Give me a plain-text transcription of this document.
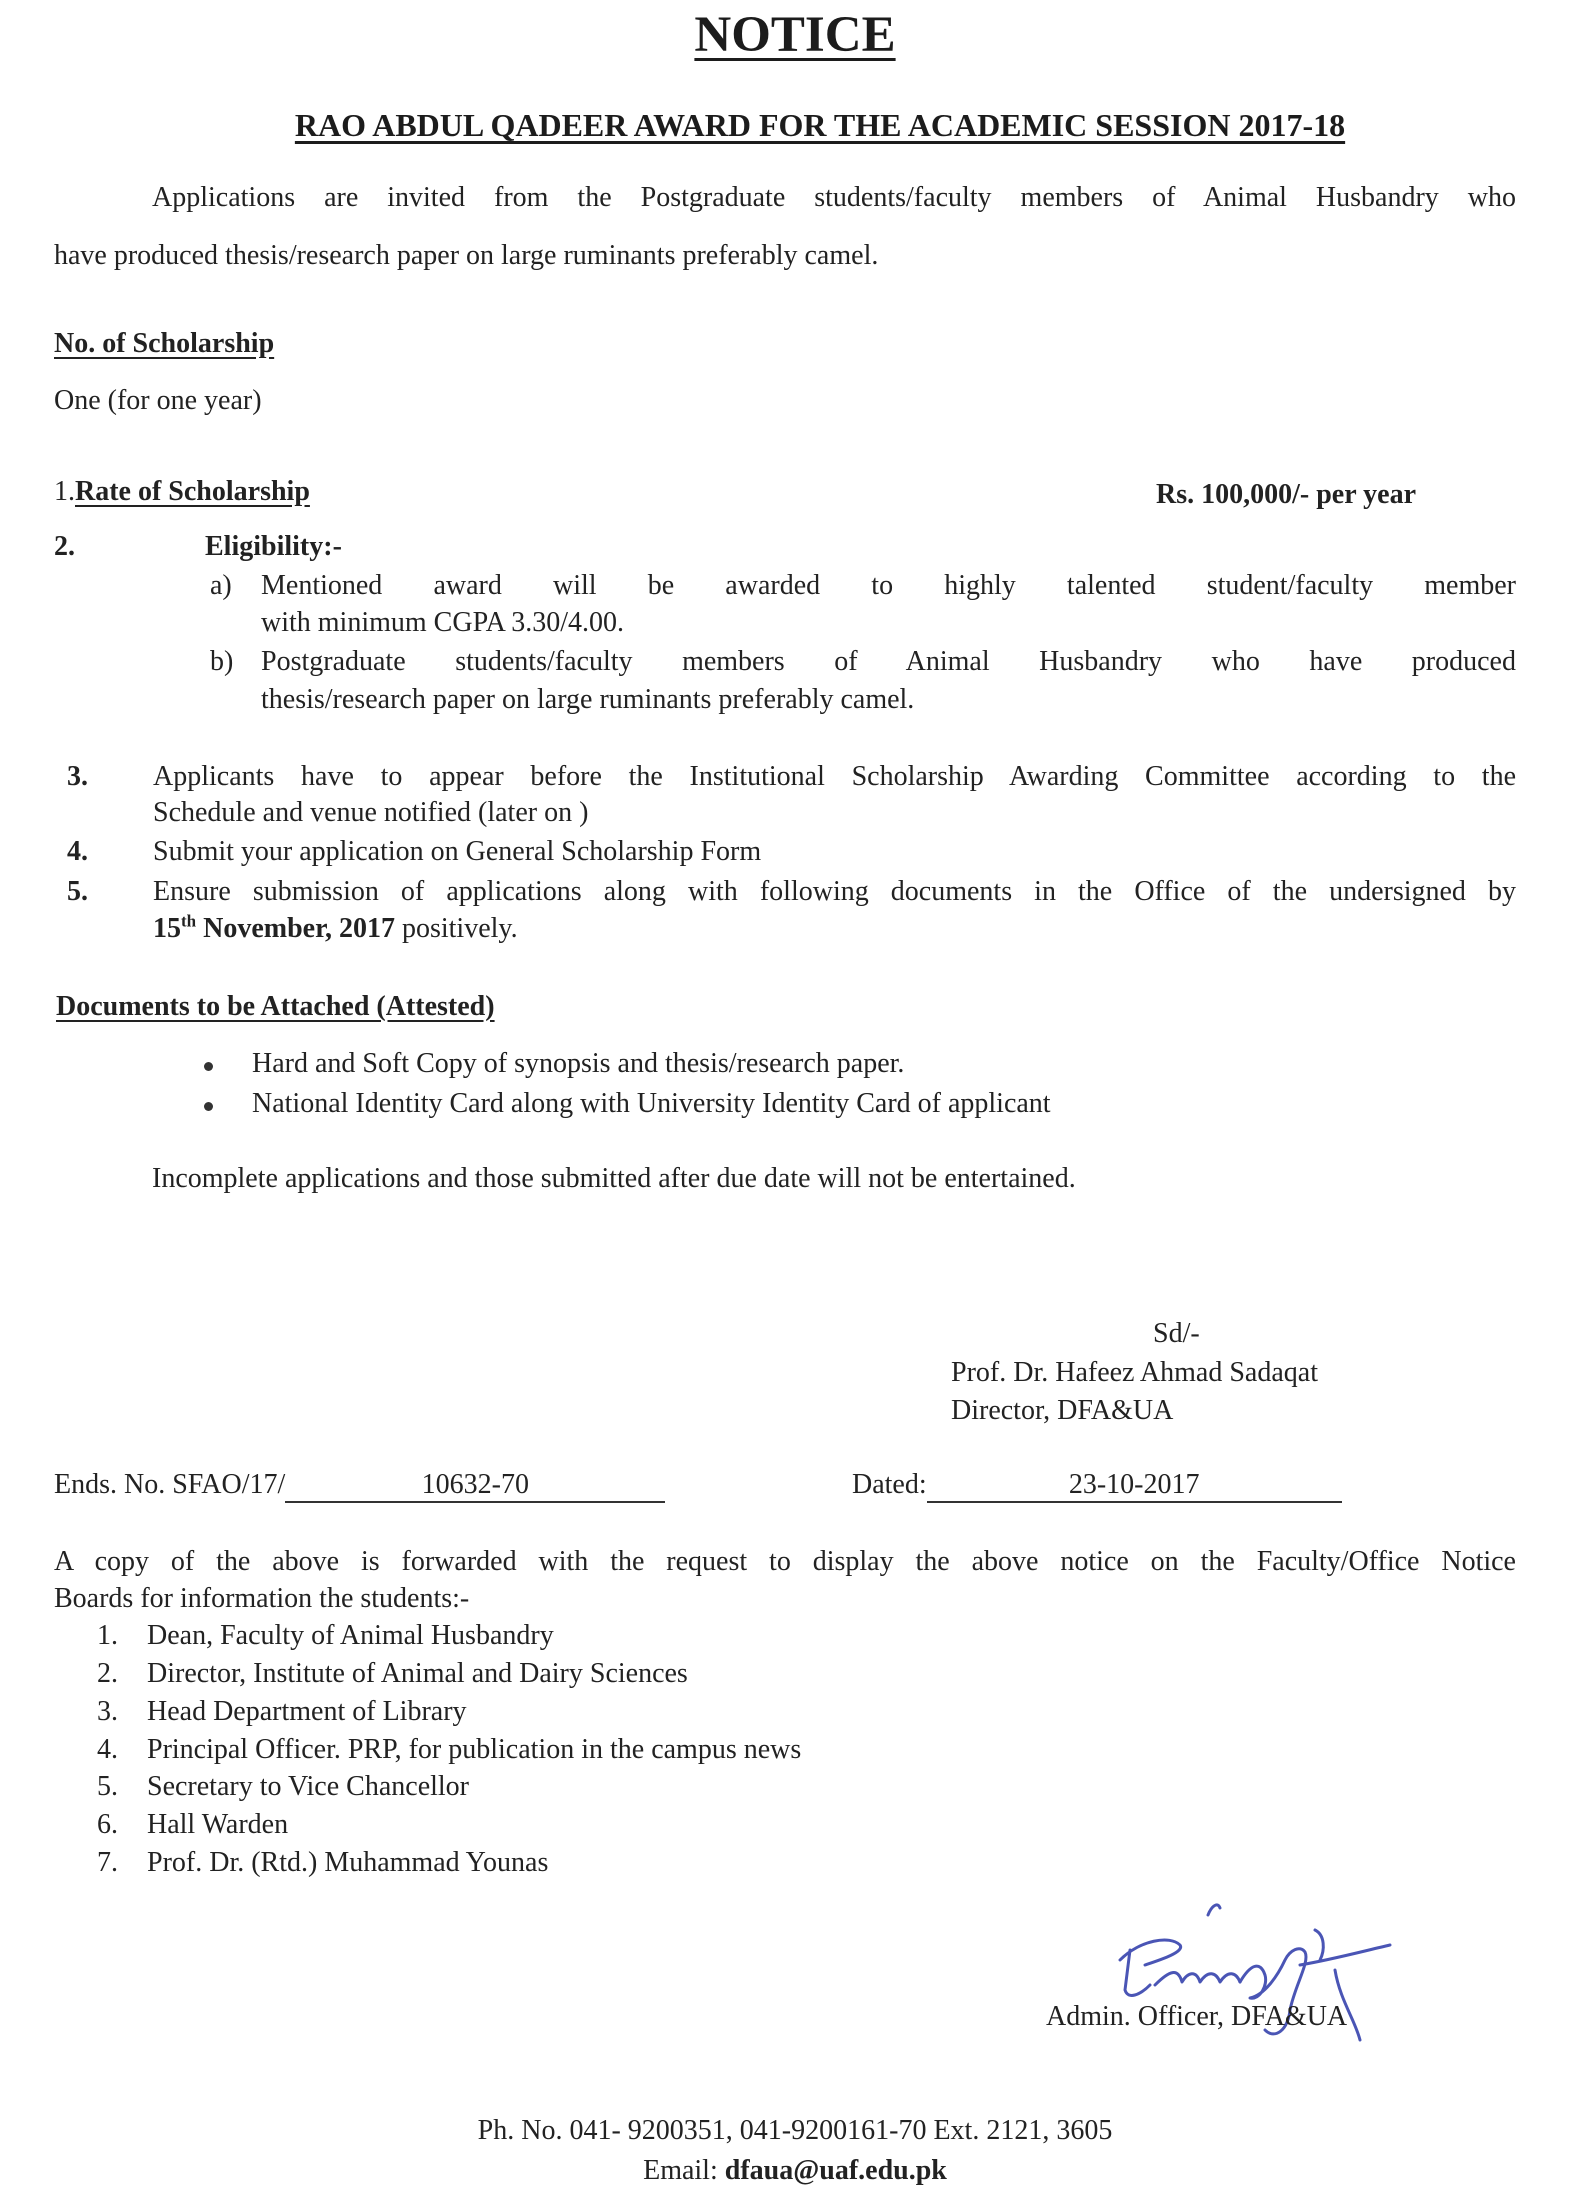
NOTICE
RAO ABDUL QADEER AWARD FOR THE ACADEMIC SESSION 2017-18
Applications are invited from the Postgraduate students/faculty members of Animal Husbandry who
have produced thesis/research paper on large ruminants preferably camel.
No. of Scholarship
One (for one year)
1.Rate of Scholarship	Rs. 100,000/- per year
2.	Eligibility:-
a) Mentioned award will be awarded to highly talented student/faculty member
with minimum CGPA 3.30/4.00.
b) Postgraduate students/faculty members of Animal Husbandry who have produced
thesis/research paper on large ruminants preferably camel.
3. Applicants have to appear before the Institutional Scholarship Awarding Committee according to the
Schedule and venue notified (later on )
4. Submit your application on General Scholarship Form
5. Ensure submission of applications along with following documents in the Office of the undersigned by
15th November, 2017 positively.
Documents to be Attached (Attested)
Hard and Soft Copy of synopsis and thesis/research paper.
National Identity Card along with University Identity Card of applicant
Incomplete applications and those submitted after due date will not be entertained.
Sd/-
Prof. Dr. Hafeez Ahmad Sadaqat
Director, DFA&UA
Ends. No. SFAO/17/	10632-70	Dated:	23-10-2017
A copy of the above is forwarded with the request to display the above notice on the Faculty/Office Notice
Boards for information the students:-
1. Dean, Faculty of Animal Husbandry
2. Director, Institute of Animal and Dairy Sciences
3. Head Department of Library
4. Principal Officer. PRP, for publication in the campus news
5. Secretary to Vice Chancellor
6. Hall Warden
7. Prof. Dr. (Rtd.) Muhammad Younas
Admin. Officer, DFA&UA
Ph. No. 041- 9200351, 041-9200161-70 Ext. 2121, 3605
Email: dfaua@uaf.edu.pk
